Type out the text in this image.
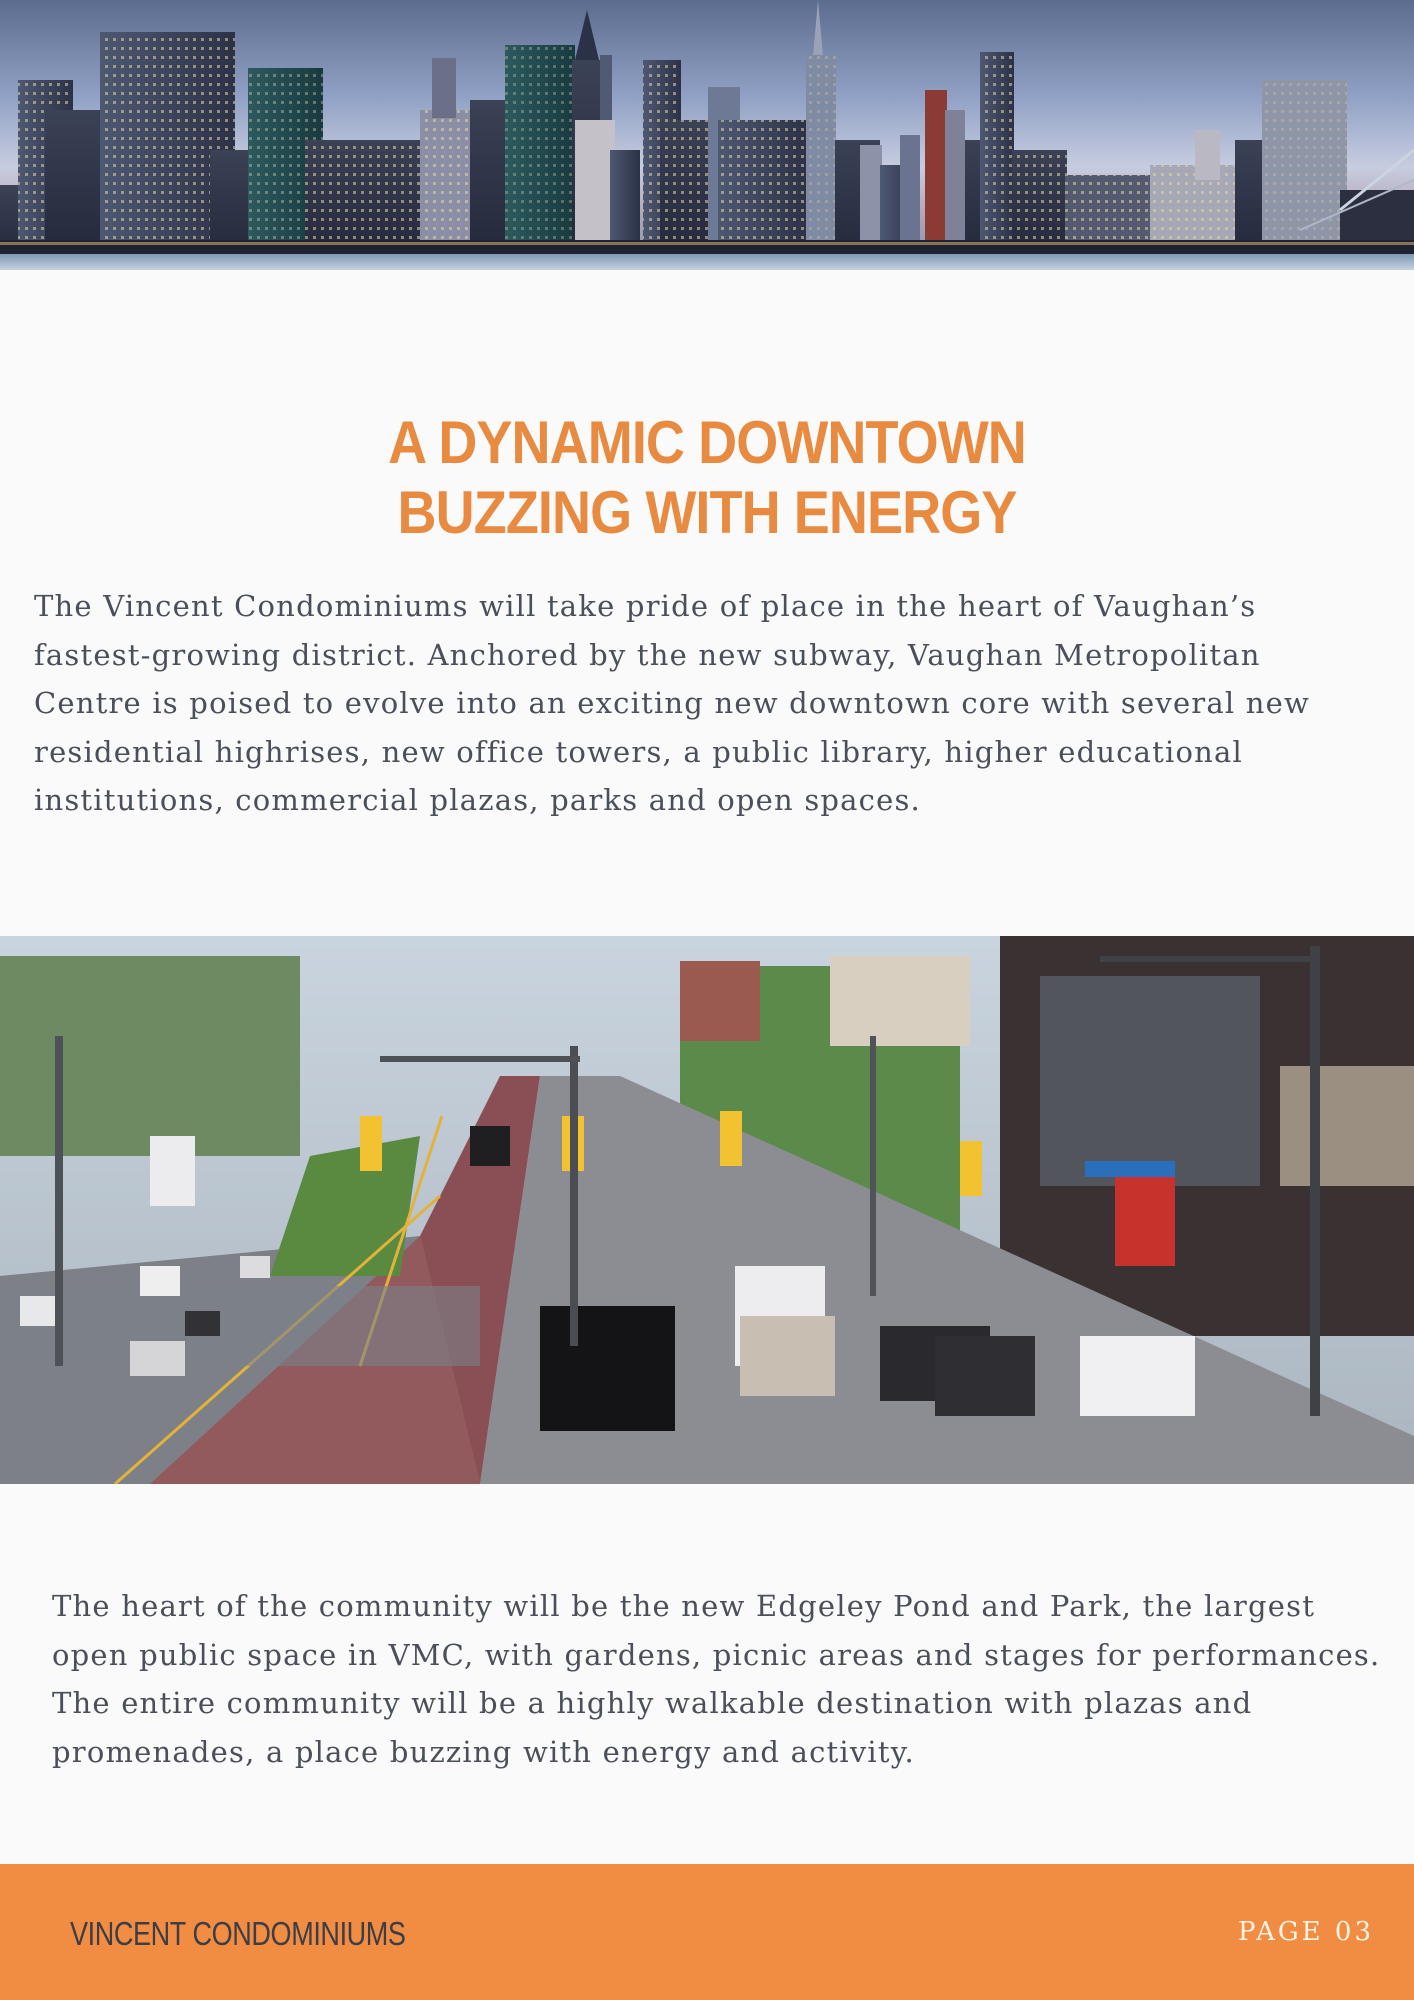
A DYNAMIC DOWNTOWN
BUZZING WITH ENERGY

The Vincent Condominiums will take pride of place in the heart of Vaughan’s
fastest-growing district. Anchored by the new subway, Vaughan Metropolitan
Centre is poised to evolve into an exciting new downtown core with several new
residential highrises, new office towers, a public library, higher educational
institutions, commercial plazas, parks and open spaces.

The heart of the community will be the new Edgeley Pond and Park, the largest
open public space in VMC, with gardens, picnic areas and stages for performances.
The entire community will be a highly walkable destination with plazas and
promenades, a place buzzing with energy and activity.

VINCENT CONDOMINIUMS	PAGE 03
